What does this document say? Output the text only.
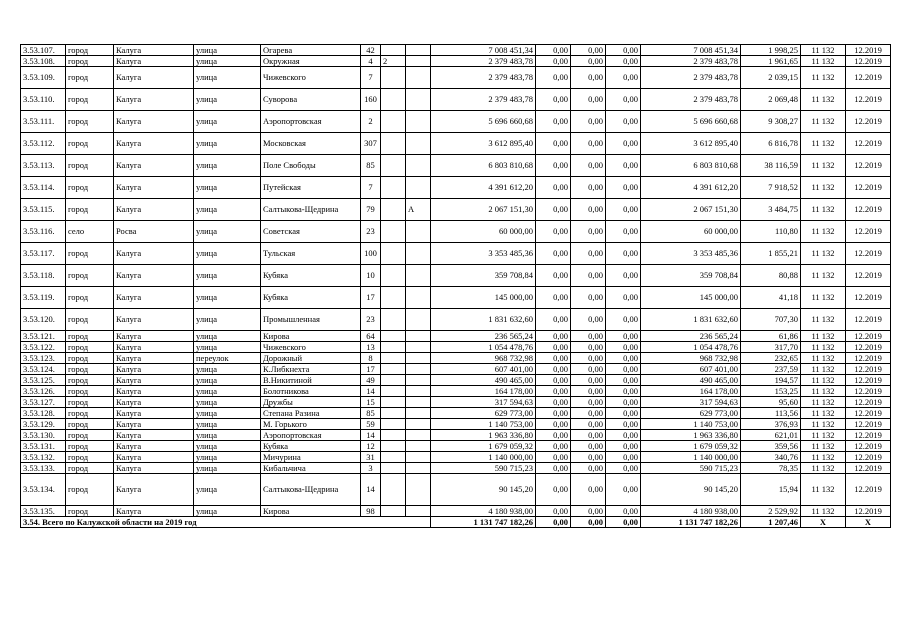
3.53.107.	город	Калуга	улица	Огарева	42			7 008 451,34	0,00	0,00	0,00	7 008 451,34	1 998,25	11 132	12.2019
3.53.108.	город	Калуга	улица	Окружная	4	2		2 379 483,78	0,00	0,00	0,00	2 379 483,78	1 961,65	11 132	12.2019
3.53.109.	город	Калуга	улица	Чижевского	7			2 379 483,78	0,00	0,00	0,00	2 379 483,78	2 039,15	11 132	12.2019
3.53.110.	город	Калуга	улица	Суворова	160			2 379 483,78	0,00	0,00	0,00	2 379 483,78	2 069,48	11 132	12.2019
3.53.111.	город	Калуга	улица	Аэропортовская	2			5 696 660,68	0,00	0,00	0,00	5 696 660,68	9 308,27	11 132	12.2019
3.53.112.	город	Калуга	улица	Московская	307			3 612 895,40	0,00	0,00	0,00	3 612 895,40	6 816,78	11 132	12.2019
3.53.113.	город	Калуга	улица	Поле Свободы	85			6 803 810,68	0,00	0,00	0,00	6 803 810,68	38 116,59	11 132	12.2019
3.53.114.	город	Калуга	улица	Путейская	7			4 391 612,20	0,00	0,00	0,00	4 391 612,20	7 918,52	11 132	12.2019
3.53.115.	город	Калуга	улица	Салтыкова-Щедрина	79		А	2 067 151,30	0,00	0,00	0,00	2 067 151,30	3 484,75	11 132	12.2019
3.53.116.	село	Росва	улица	Советская	23			60 000,00	0,00	0,00	0,00	60 000,00	110,80	11 132	12.2019
3.53.117.	город	Калуга	улица	Тульская	100			3 353 485,36	0,00	0,00	0,00	3 353 485,36	1 855,21	11 132	12.2019
3.53.118.	город	Калуга	улица	Кубяка	10			359 708,84	0,00	0,00	0,00	359 708,84	80,88	11 132	12.2019
3.53.119.	город	Калуга	улица	Кубяка	17			145 000,00	0,00	0,00	0,00	145 000,00	41,18	11 132	12.2019
3.53.120.	город	Калуга	улица	Промышленная	23			1 831 632,60	0,00	0,00	0,00	1 831 632,60	707,30	11 132	12.2019
3.53.121.	город	Калуга	улица	Кирова	64			236 565,24	0,00	0,00	0,00	236 565,24	61,86	11 132	12.2019
3.53.122.	город	Калуга	улица	Чижевского	13			1 054 478,76	0,00	0,00	0,00	1 054 478,76	317,70	11 132	12.2019
3.53.123.	город	Калуга	переулок	Дорожный	8			968 732,98	0,00	0,00	0,00	968 732,98	232,65	11 132	12.2019
3.53.124.	город	Калуга	улица	К.Либкнехта	17			607 401,00	0,00	0,00	0,00	607 401,00	237,59	11 132	12.2019
3.53.125.	город	Калуга	улица	В.Никитиной	49			490 465,00	0,00	0,00	0,00	490 465,00	194,57	11 132	12.2019
3.53.126.	город	Калуга	улица	Болотникова	14			164 178,00	0,00	0,00	0,00	164 178,00	153,25	11 132	12.2019
3.53.127.	город	Калуга	улица	Дружбы	15			317 594,63	0,00	0,00	0,00	317 594,63	95,60	11 132	12.2019
3.53.128.	город	Калуга	улица	Степана Разина	85			629 773,00	0,00	0,00	0,00	629 773,00	113,56	11 132	12.2019
3.53.129.	город	Калуга	улица	М. Горького	59			1 140 753,00	0,00	0,00	0,00	1 140 753,00	376,93	11 132	12.2019
3.53.130.	город	Калуга	улица	Аэропортовская	14			1 963 336,80	0,00	0,00	0,00	1 963 336,80	621,01	11 132	12.2019
3.53.131.	город	Калуга	улица	Кубяка	12			1 679 059,32	0,00	0,00	0,00	1 679 059,32	359,56	11 132	12.2019
3.53.132.	город	Калуга	улица	Мичурина	31			1 140 000,00	0,00	0,00	0,00	1 140 000,00	340,76	11 132	12.2019
3.53.133.	город	Калуга	улица	Кибальчича	3			590 715,23	0,00	0,00	0,00	590 715,23	78,35	11 132	12.2019
3.53.134.	город	Калуга	улица	Салтыкова-Щедрина	14			90 145,20	0,00	0,00	0,00	90 145,20	15,94	11 132	12.2019
3.53.135.	город	Калуга	улица	Кирова	98			4 180 938,00	0,00	0,00	0,00	4 180 938,00	2 529,92	11 132	12.2019
3.54. Всего по Калужской области на 2019 год								1 131 747 182,26	0,00	0,00	0,00	1 131 747 182,26	1 207,46	X	X
